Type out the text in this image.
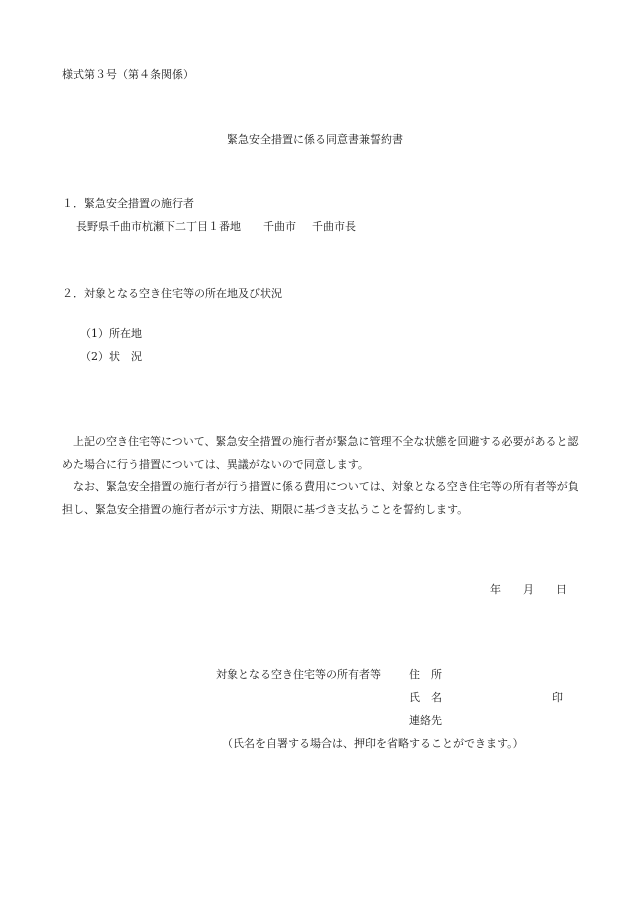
様式第３号（第４条関係）
緊急安全措置に係る同意書兼誓約書
１．緊急安全措置の施行者
長野県千曲市杭瀬下二丁目１番地 千曲市 千曲市長
２．対象となる空き住宅等の所在地及び状況
（1）所在地
（2）状　況
上記の空き住宅等について、緊急安全措置の施行者が緊急に管理不全な状態を回避する必要があると認めた場合に行う措置については、異議がないので同意します。
なお、緊急安全措置の施行者が行う措置に係る費用については、対象となる空き住宅等の所有者等が負担し、緊急安全措置の施行者が示す方法、期限に基づき支払うことを誓約します。
年 月 日
対象となる空き住宅等の所有者等	住　所
氏　名	印
連絡先
（氏名を自署する場合は、押印を省略することができます。）
